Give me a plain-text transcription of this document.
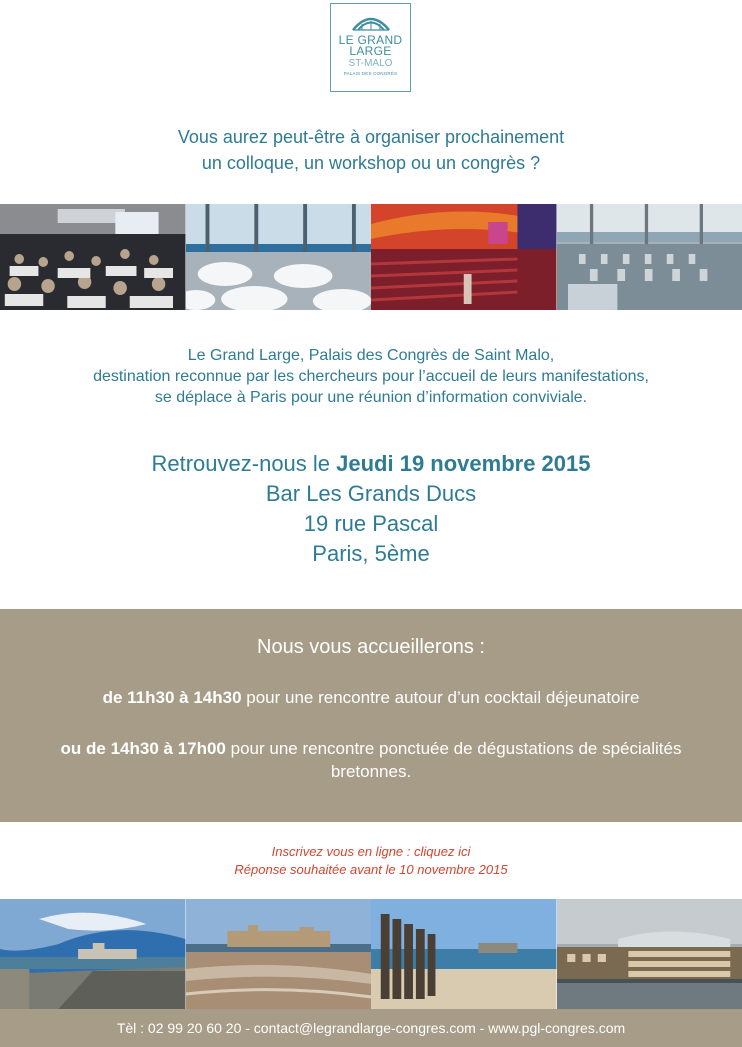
LE GRAND
LARGE
ST-MALO
PALAIS DES CONGRÈS
Vous aurez peut-être à organiser prochainement
un colloque, un workshop ou un congrès ?
Le Grand Large, Palais des Congrès de Saint Malo,
destination reconnue par les chercheurs pour l’accueil de leurs manifestations,
se déplace à Paris pour une réunion d’information conviviale.
Retrouvez-nous le Jeudi 19 novembre 2015
Bar Les Grands Ducs
19 rue Pascal
Paris, 5ème
Nous vous accueillerons :
de 11h30 à 14h30 pour une rencontre autour d’un cocktail déjeunatoire
ou de 14h30 à 17h00 pour une rencontre ponctuée de dégustations de spécialités bretonnes.
Inscrivez vous en ligne : cliquez ici
Réponse souhaitée avant le 10 novembre 2015
Tèl : 02 99 20 60 20 - contact@legrandlarge-congres.com - www.pgl-congres.com
